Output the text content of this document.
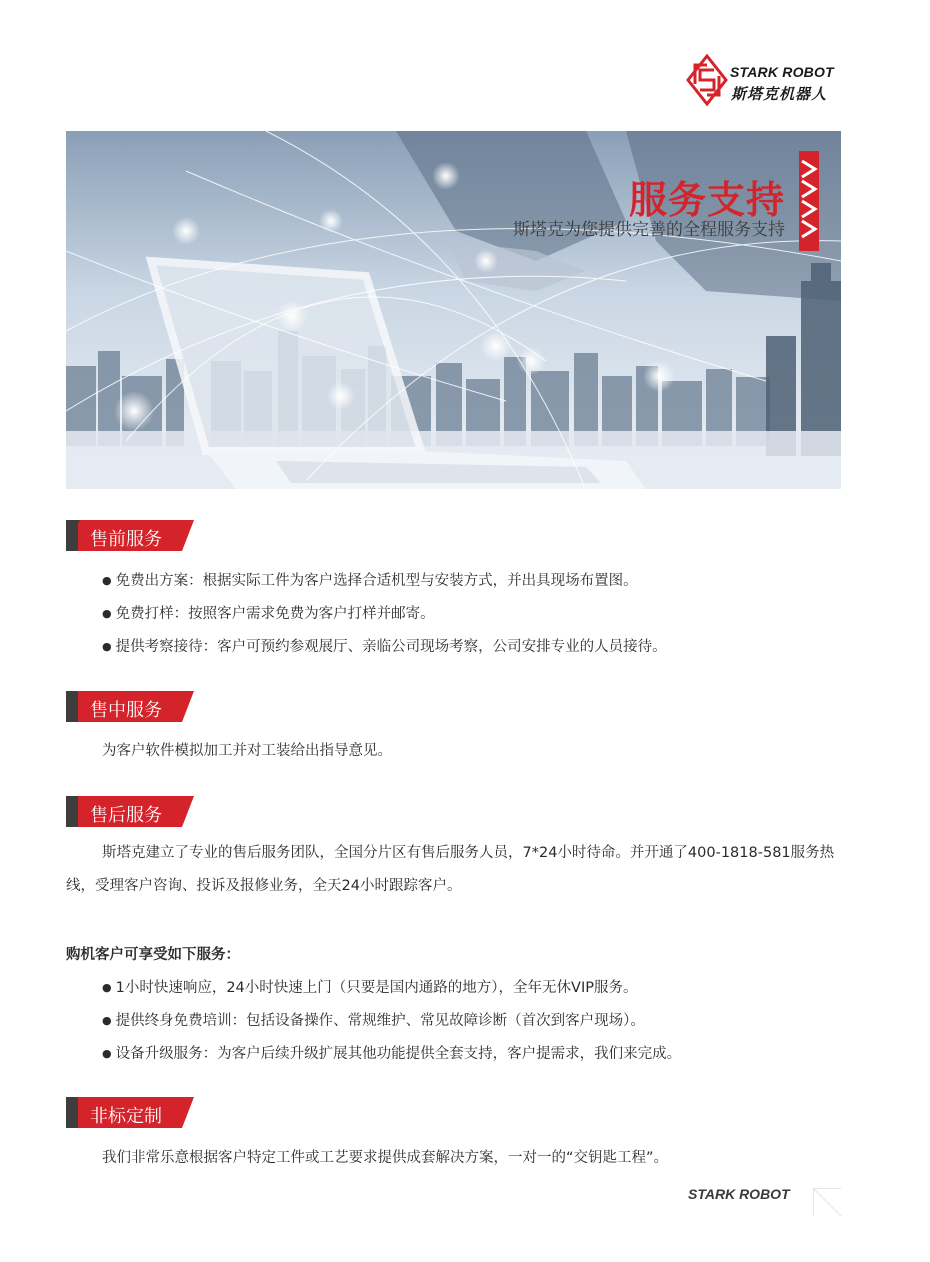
STARK ROBOT
斯塔克机器人
服务支持
斯塔克为您提供完善的全程服务支持
售前服务
● 免费出方案：根据实际工件为客户选择合适机型与安装方式，并出具现场布置图。
● 免费打样：按照客户需求免费为客户打样并邮寄。
● 提供考察接待：客户可预约参观展厅、亲临公司现场考察，公司安排专业的人员接待。
售中服务
为客户软件模拟加工并对工装给出指导意见。
售后服务
斯塔克建立了专业的售后服务团队，全国分片区有售后服务人员，7*24小时待命。并开通了400-1818-581服务热线，受理客户咨询、投诉及报修业务，全天24小时跟踪客户。
购机客户可享受如下服务：
● 1小时快速响应，24小时快速上门（只要是国内通路的地方），全年无休VIP服务。
● 提供终身免费培训：包括设备操作、常规维护、常见故障诊断（首次到客户现场）。
● 设备升级服务：为客户后续升级扩展其他功能提供全套支持，客户提需求，我们来完成。
非标定制
我们非常乐意根据客户特定工件或工艺要求提供成套解决方案，一对一的“交钥匙工程”。
STARK ROBOT
